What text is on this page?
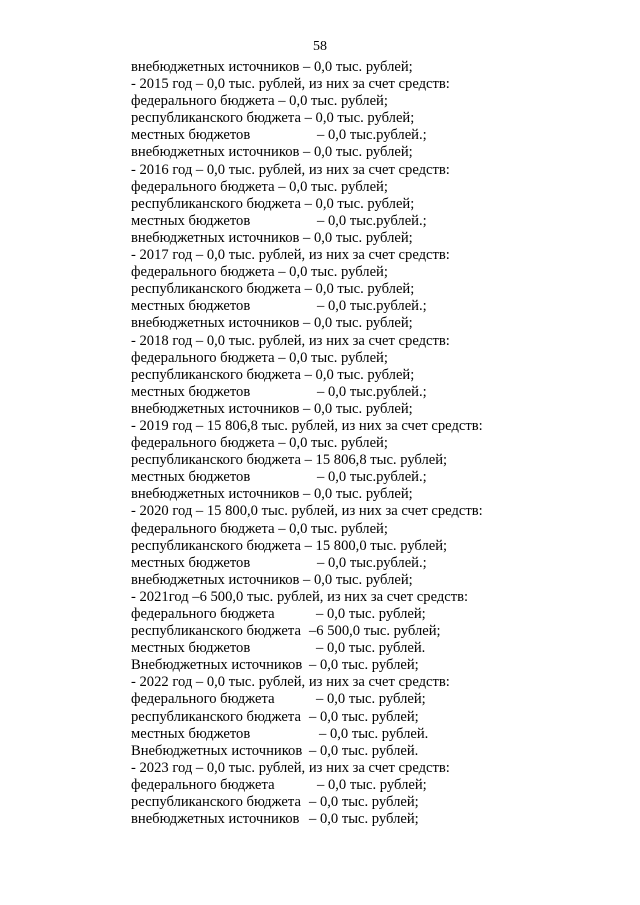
58
внебюджетных источников – 0,0 тыс. рублей;
- 2015 год – 0,0 тыс. рублей, из них за счет средств:
федерального бюджета – 0,0 тыс. рублей;
республиканского бюджета – 0,0 тыс. рублей;
местных бюджетов	– 0,0 тыс.рублей.;
внебюджетных источников – 0,0 тыс. рублей;
- 2016 год – 0,0 тыс. рублей, из них за счет средств:
федерального бюджета – 0,0 тыс. рублей;
республиканского бюджета – 0,0 тыс. рублей;
местных бюджетов	– 0,0 тыс.рублей.;
внебюджетных источников – 0,0 тыс. рублей;
- 2017 год – 0,0 тыс. рублей, из них за счет средств:
федерального бюджета – 0,0 тыс. рублей;
республиканского бюджета – 0,0 тыс. рублей;
местных бюджетов	– 0,0 тыс.рублей.;
внебюджетных источников – 0,0 тыс. рублей;
- 2018 год – 0,0 тыс. рублей, из них за счет средств:
федерального бюджета – 0,0 тыс. рублей;
республиканского бюджета – 0,0 тыс. рублей;
местных бюджетов	– 0,0 тыс.рублей.;
внебюджетных источников – 0,0 тыс. рублей;
- 2019 год – 15 806,8 тыс. рублей, из них за счет средств:
федерального бюджета – 0,0 тыс. рублей;
республиканского бюджета – 15 806,8 тыс. рублей;
местных бюджетов	– 0,0 тыс.рублей.;
внебюджетных источников – 0,0 тыс. рублей;
- 2020 год – 15 800,0 тыс. рублей, из них за счет средств:
федерального бюджета – 0,0 тыс. рублей;
республиканского бюджета – 15 800,0 тыс. рублей;
местных бюджетов	– 0,0 тыс.рублей.;
внебюджетных источников – 0,0 тыс. рублей;
- 2021год –6 500,0 тыс. рублей, из них за счет средств:
федерального бюджета	– 0,0 тыс. рублей;
республиканского бюджета –6 500,0 тыс. рублей;
местных бюджетов	– 0,0 тыс. рублей.
Внебюджетных источников – 0,0 тыс. рублей;
- 2022 год – 0,0 тыс. рублей, из них за счет средств:
федерального бюджета	– 0,0 тыс. рублей;
республиканского бюджета – 0,0 тыс. рублей;
местных бюджетов	– 0,0 тыс. рублей.
Внебюджетных источников – 0,0 тыс. рублей.
- 2023 год – 0,0 тыс. рублей, из них за счет средств:
федерального бюджета	– 0,0 тыс. рублей;
республиканского бюджета – 0,0 тыс. рублей;
внебюджетных источников – 0,0 тыс. рублей;
